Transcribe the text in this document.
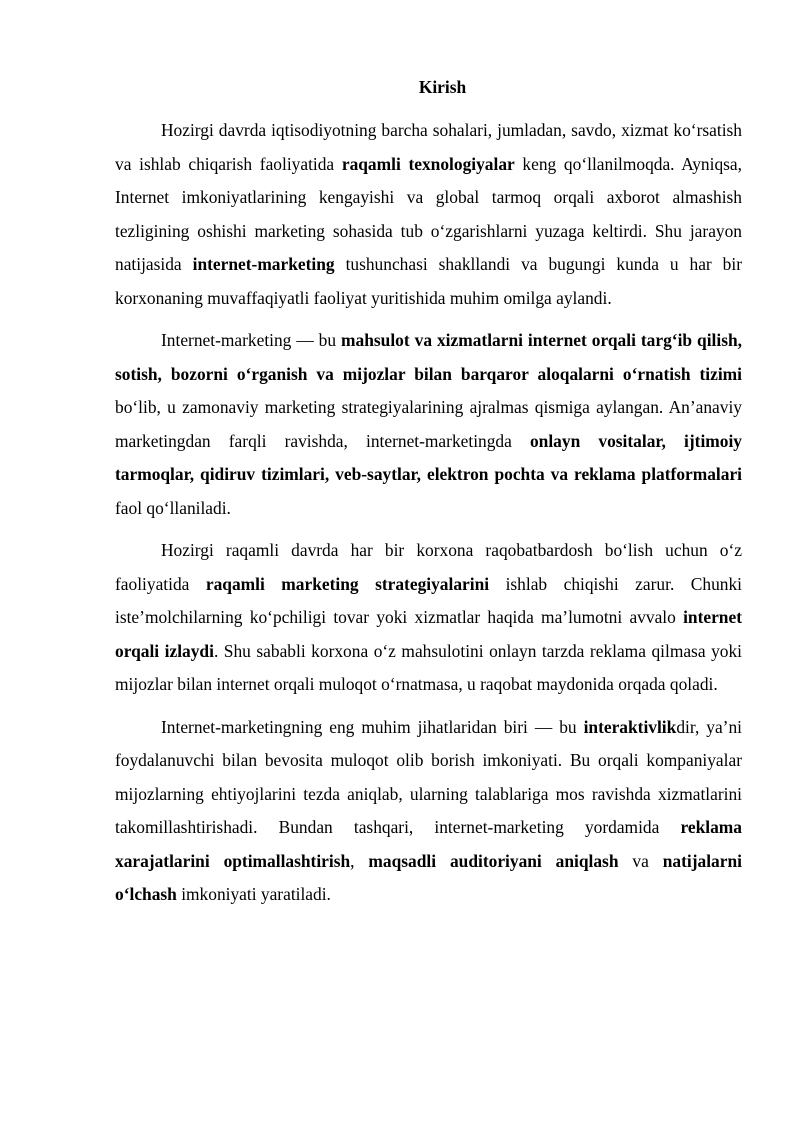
Kirish

Hozirgi davrda iqtisodiyotning barcha sohalari, jumladan, savdo, xizmat koʻrsatish va ishlab chiqarish faoliyatida raqamli texnologiyalar keng qoʻllanilmoqda. Ayniqsa, Internet imkoniyatlarining kengayishi va global tarmoq orqali axborot almashish tezligining oshishi marketing sohasida tub oʻzgarishlarni yuzaga keltirdi. Shu jarayon natijasida internet-marketing tushunchasi shakllandi va bugungi kunda u har bir korxonaning muvaffaqiyatli faoliyat yuritishida muhim omilga aylandi.

Internet-marketing — bu mahsulot va xizmatlarni internet orqali targʻib qilish, sotish, bozorni oʻrganish va mijozlar bilan barqaror aloqalarni oʻrnatish tizimi boʻlib, u zamonaviy marketing strategiyalarining ajralmas qismiga aylangan. An’anaviy marketingdan farqli ravishda, internet-marketingda onlayn vositalar, ijtimoiy tarmoqlar, qidiruv tizimlari, veb-saytlar, elektron pochta va reklama platformalari faol qoʻllaniladi.

Hozirgi raqamli davrda har bir korxona raqobatbardosh boʻlish uchun oʻz faoliyatida raqamli marketing strategiyalarini ishlab chiqishi zarur. Chunki iste’molchilarning koʻpchiligi tovar yoki xizmatlar haqida ma’lumotni avvalo internet orqali izlaydi. Shu sababli korxona oʻz mahsulotini onlayn tarzda reklama qilmasa yoki mijozlar bilan internet orqali muloqot oʻrnatmasa, u raqobat maydonida orqada qoladi.

Internet-marketingning eng muhim jihatlaridan biri — bu interaktivlikdir, ya’ni foydalanuvchi bilan bevosita muloqot olib borish imkoniyati. Bu orqali kompaniyalar mijozlarning ehtiyojlarini tezda aniqlab, ularning talablariga mos ravishda xizmatlarini takomillashtirishadi. Bundan tashqari, internet-marketing yordamida reklama xarajatlarini optimallashtirish, maqsadli auditoriyani aniqlash va natijalarni oʻlchash imkoniyati yaratiladi.
